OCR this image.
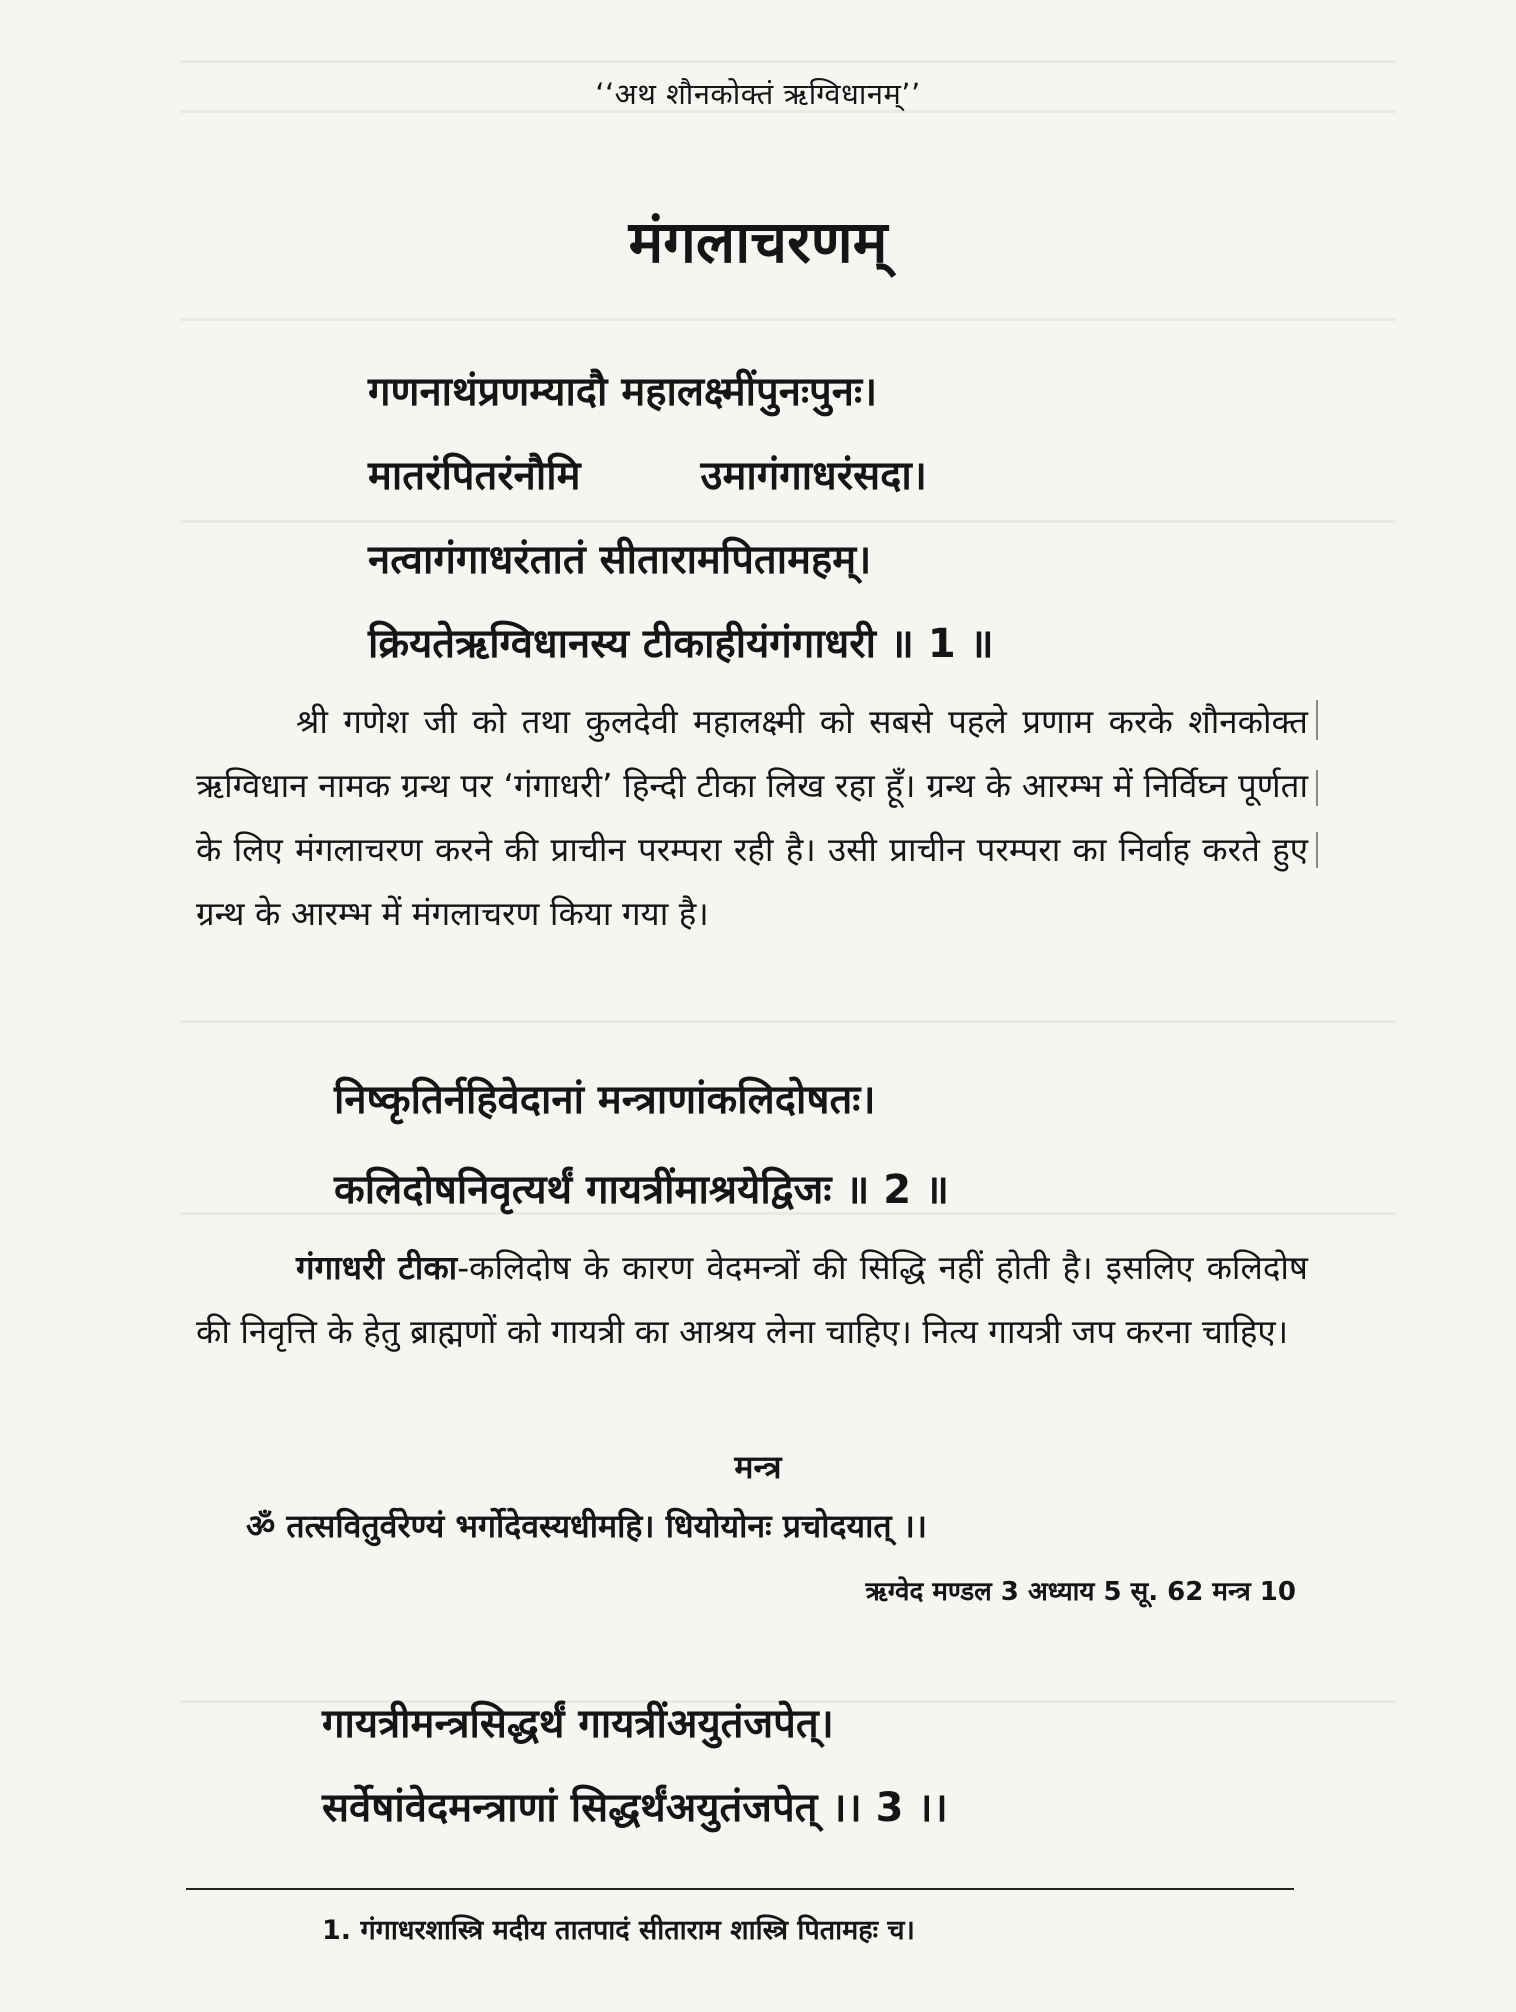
‘‘अथ शौनकोक्तं ऋग्विधानम्’’
मंगलाचरणम्
गणनाथंप्रणम्यादौ महालक्ष्मींपुनःपुनः।
मातरंपितरंनौमि	उमागंगाधरंसदा।
नत्वागंगाधरंतातं सीतारामपितामहम्।
क्रियतेऋग्विधानस्य टीकाहीयंगंगाधरी ॥ 1 ॥

श्री गणेश जी को तथा कुलदेवी महालक्ष्मी को सबसे पहले प्रणाम करके शौनकोक्त ऋग्विधान नामक ग्रन्थ पर ‘गंगाधरी’ हिन्दी टीका लिख रहा हूँ। ग्रन्थ के आरम्भ में निर्विघ्न पूर्णता के लिए मंगलाचरण करने की प्राचीन परम्परा रही है। उसी प्राचीन परम्परा का निर्वाह करते हुए ग्रन्थ के आरम्भ में मंगलाचरण किया गया है।

निष्कृतिर्नहिवेदानां मन्त्राणांकलिदोषतः।
कलिदोषनिवृत्यर्थं गायत्रींमाश्रयेद्विजः ॥ 2 ॥

गंगाधरी टीका-कलिदोष के कारण वेदमन्त्रों की सिद्धि नहीं होती है। इसलिए कलिदोष की निवृत्ति के हेतु ब्राह्मणों को गायत्री का आश्रय लेना चाहिए। नित्य गायत्री जप करना चाहिए।

मन्त्र
ॐ तत्सवितुर्वरेण्यं भर्गोदेवस्यधीमहि। धियोयोनः प्रचोदयात् ।।
ऋग्वेद मण्डल 3 अध्याय 5 सू. 62 मन्त्र 10
गायत्रीमन्त्रसिद्धर्थं गायत्रींअयुतंजपेत्।
सर्वेषांवेदमन्त्राणां सिद्धर्थंअयुतंजपेत् ।। 3 ।।
1. गंगाधरशास्त्रि मदीय तातपादं सीताराम शास्त्रि पितामहः च।
